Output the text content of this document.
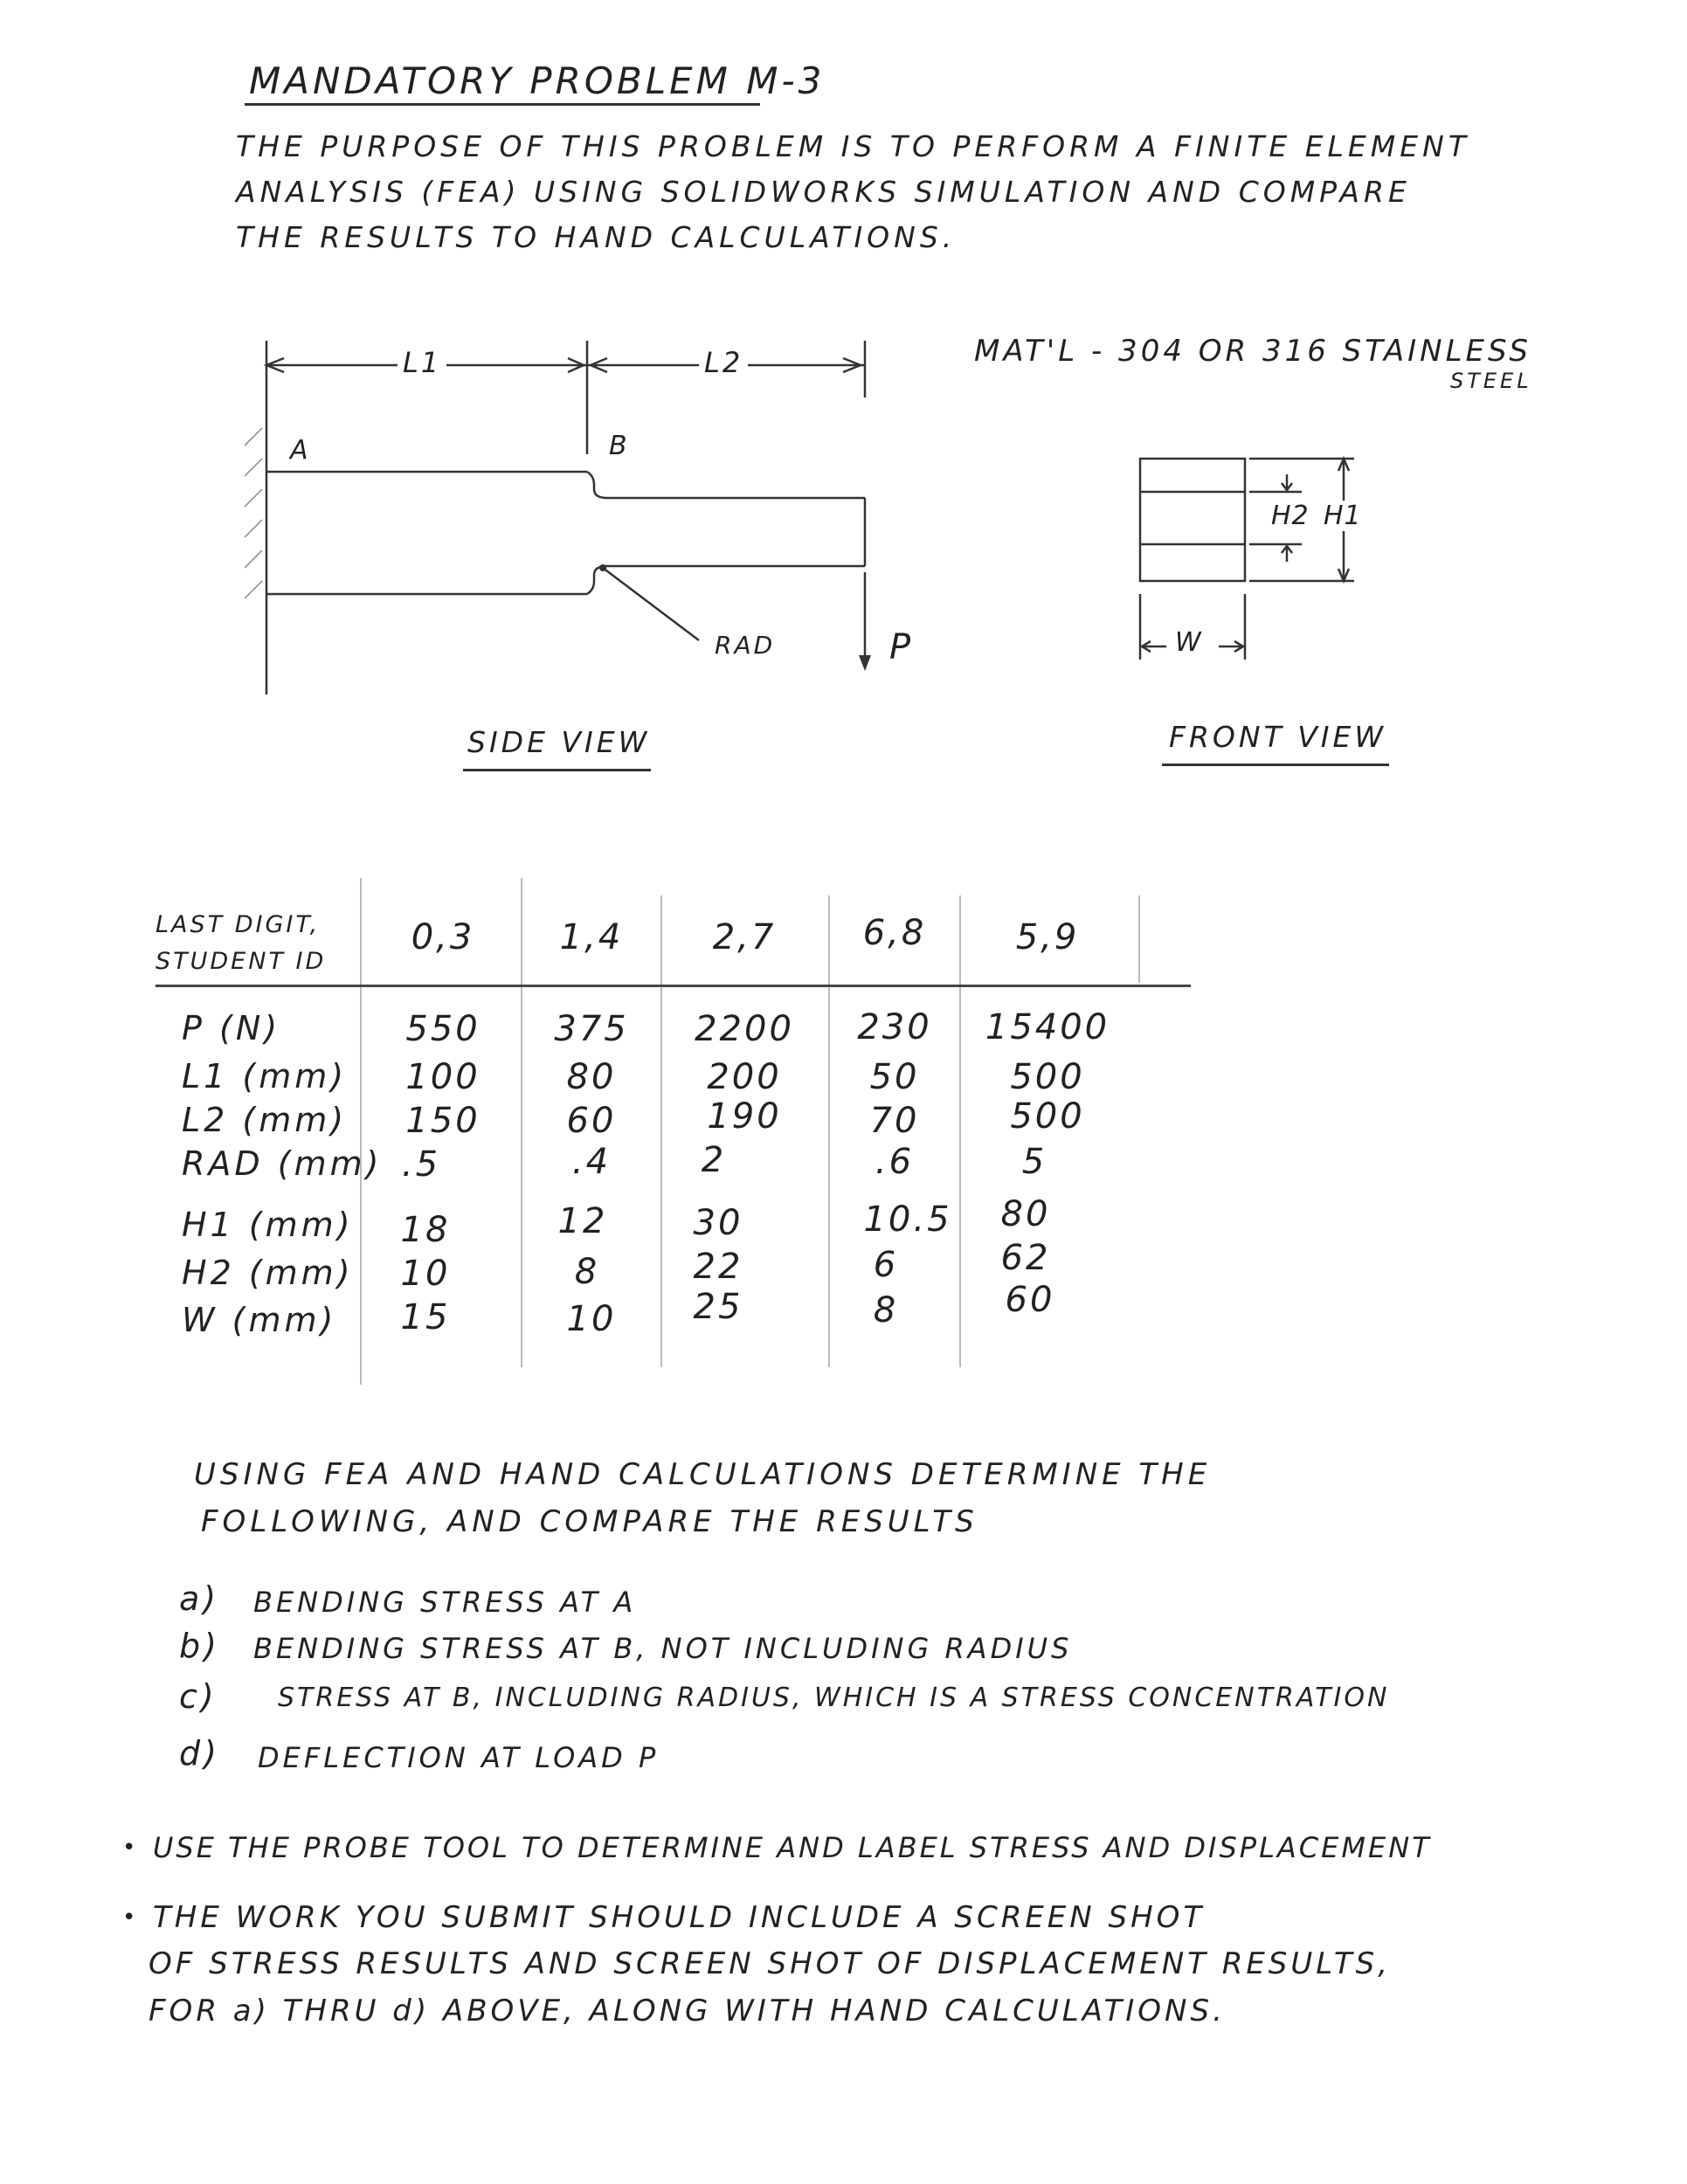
MANDATORY PROBLEM M-3
THE PURPOSE OF THIS PROBLEM IS TO PERFORM A FINITE ELEMENT
ANALYSIS (FEA) USING SOLIDWORKS SIMULATION AND COMPARE
THE RESULTS TO HAND CALCULATIONS.
MAT'L - 304 OR 316 STAINLESS
STEEL
L1	L2
A	B
RAD	P
H2 H1
W
SIDE VIEW	FRONT VIEW
LAST DIGIT,
STUDENT ID
0,3	1,4	2,7	6,8	5,9
P (N)	550	375	2200	230	15400
L1 (mm)	100	80	200	50	500
L2 (mm)	150	60	190	70	500
RAD (mm) .5	.4	2	.6	5
H1 (mm)	18	12	30	10.5	80
H2 (mm)	10	8	22	6	62
W (mm)	15	10	25	8	60
USING FEA AND HAND CALCULATIONS DETERMINE THE
FOLLOWING, AND COMPARE THE RESULTS
a) BENDING STRESS AT A
b) BENDING STRESS AT B, NOT INCLUDING RADIUS
c) STRESS AT B, INCLUDING RADIUS, WHICH IS A STRESS CONCENTRATION
d) DEFLECTION AT LOAD P
• USE THE PROBE TOOL TO DETERMINE AND LABEL STRESS AND DISPLACEMENT
• THE WORK YOU SUBMIT SHOULD INCLUDE A SCREEN SHOT
OF STRESS RESULTS AND SCREEN SHOT OF DISPLACEMENT RESULTS,
FOR a) THRU d) ABOVE, ALONG WITH HAND CALCULATIONS.
